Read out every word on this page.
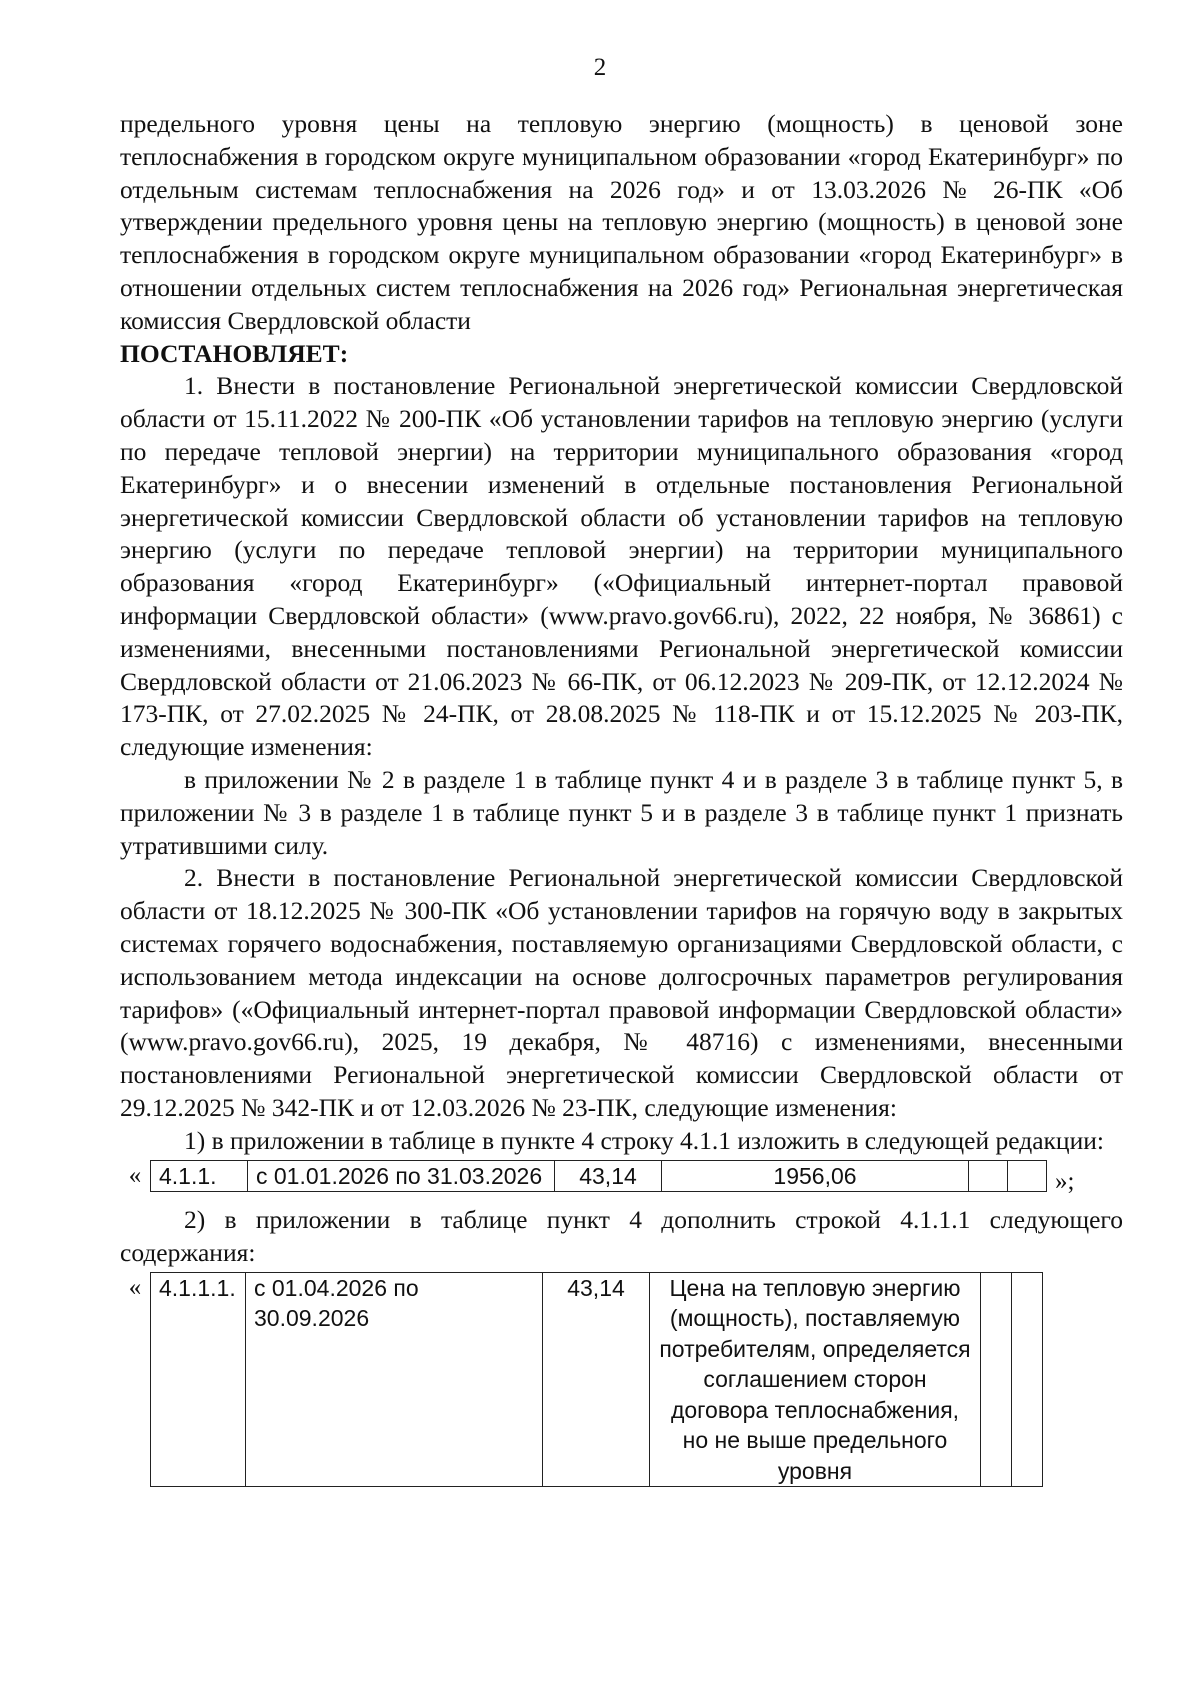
2

предельного уровня цены на тепловую энергию (мощность) в ценовой зоне теплоснабжения в городском округе муниципальном образовании «город Екатеринбург» по отдельным системам теплоснабжения на 2026 год» и от 13.03.2026 № 26-ПК «Об утверждении предельного уровня цены на тепловую энергию (мощность) в ценовой зоне теплоснабжения в городском округе муниципальном образовании «город Екатеринбург» в отношении отдельных систем теплоснабжения на 2026 год» Региональная энергетическая комиссия Свердловской области

ПОСТАНОВЛЯЕТ:

1. Внести в постановление Региональной энергетической комиссии Свердловской области от 15.11.2022 № 200-ПК «Об установлении тарифов на тепловую энергию (услуги по передаче тепловой энергии) на территории муниципального образования «город Екатеринбург» и о внесении изменений в отдельные постановления Региональной энергетической комиссии Свердловской области об установлении тарифов на тепловую энергию (услуги по передаче тепловой энергии) на территории муниципального образования «город Екатеринбург» («Официальный интернет-портал правовой информации Свердловской области» (www.pravo.gov66.ru), 2022, 22 ноября, № 36861) с изменениями, внесенными постановлениями Региональной энергетической комиссии Свердловской области от 21.06.2023 № 66-ПК, от 06.12.2023 № 209-ПК, от 12.12.2024 № 173-ПК, от 27.02.2025 № 24-ПК, от 28.08.2025 № 118-ПК и от 15.12.2025 № 203-ПК, следующие изменения:

в приложении № 2 в разделе 1 в таблице пункт 4 и в разделе 3 в таблице пункт 5, в приложении № 3 в разделе 1 в таблице пункт 5 и в разделе 3 в таблице пункт 1 признать утратившими силу.

2. Внести в постановление Региональной энергетической комиссии Свердловской области от 18.12.2025 № 300-ПК «Об установлении тарифов на горячую воду в закрытых системах горячего водоснабжения, поставляемую организациями Свердловской области, с использованием метода индексации на основе долгосрочных параметров регулирования тарифов» («Официальный интернет-портал правовой информации Свердловской области» (www.pravo.gov66.ru), 2025, 19 декабря, № 48716) с изменениями, внесенными постановлениями Региональной энергетической комиссии Свердловской области от 29.12.2025 № 342-ПК и от 12.03.2026 № 23-ПК, следующие изменения:

1) в приложении в таблице в пункте 4 строку 4.1.1 изложить в следующей редакции:

« 4.1.1.	с 01.01.2026 по 31.03.2026	43,14	1956,06			»;

2) в приложении в таблице пункт 4 дополнить строкой 4.1.1.1 следующего содержания:

« 4.1.1.1.	с 01.04.2026 по 30.09.2026	43,14	Цена на тепловую энергию (мощность), поставляемую потребителям, определяется соглашением сторон договора теплоснабжения, но не выше предельного уровня		
